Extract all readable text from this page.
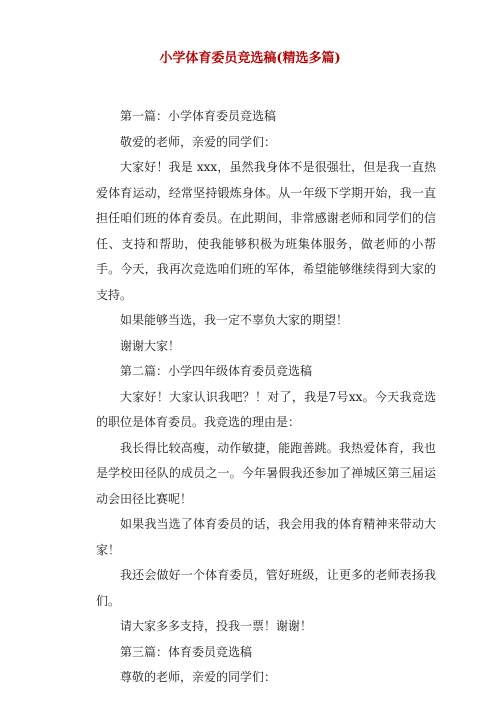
小学体育委员竞选稿(精选多篇)

第一篇：小学体育委员竞选稿

敬爱的老师，亲爱的同学们：

大家好！我是 xxx，虽然我身体不是很强壮，但是我一直热爱体育运动，经常坚持锻炼身体。从一年级下学期开始，我一直担任咱们班的体育委员。在此期间，非常感谢老师和同学们的信任、支持和帮助，使我能够积极为班集体服务，做老师的小帮手。今天，我再次竞选咱们班的军体，希望能够继续得到大家的支持。

如果能够当选，我一定不辜负大家的期望！

谢谢大家！

第二篇：小学四年级体育委员竞选稿

大家好！大家认识我吧？！对了，我是7号xx。今天我竞选的职位是体育委员。我竞选的理由是：

我长得比较高瘦，动作敏捷，能跑善跳。我热爱体育，我也是学校田径队的成员之一。今年暑假我还参加了禅城区第三届运动会田径比赛呢！

如果我当选了体育委员的话，我会用我的体育精神来带动大家！

我还会做好一个体育委员，管好班级，让更多的老师表扬我们。

请大家多多支持，投我一票！谢谢！

第三篇：体育委员竞选稿

尊敬的老师，亲爱的同学们：
